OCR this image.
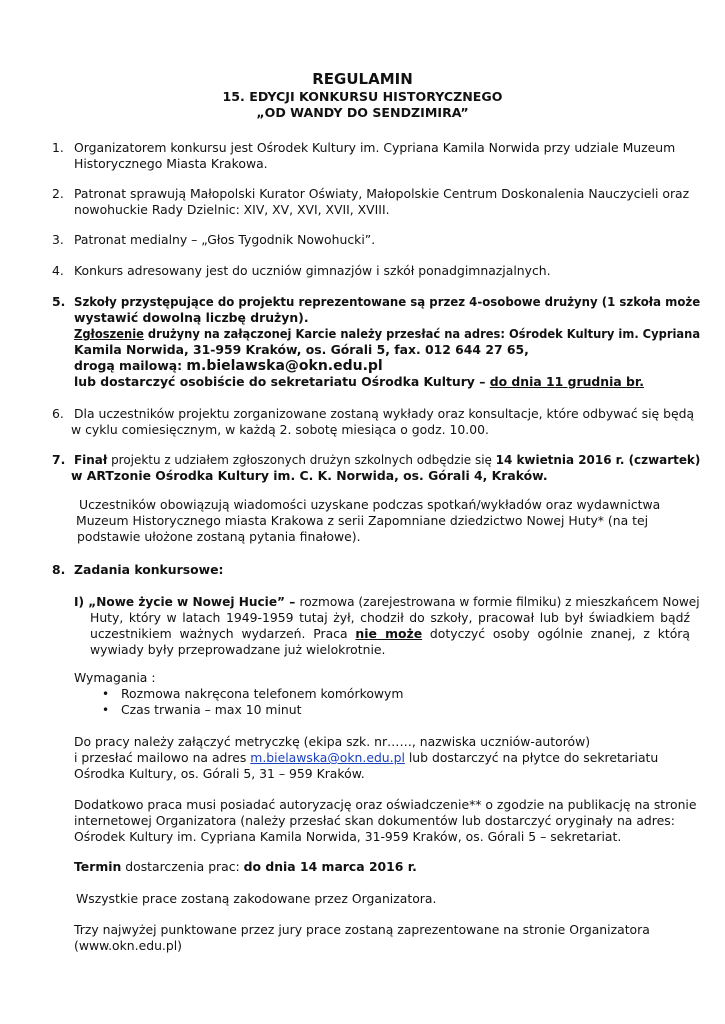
REGULAMIN
15. EDYCJI KONKURSU HISTORYCZNEGO
„OD WANDY DO SENDZIMIRA”
1. Organizatorem konkursu jest Ośrodek Kultury im. Cypriana Kamila Norwida przy udziale Muzeum
Historycznego Miasta Krakowa.
2. Patronat sprawują Małopolski Kurator Oświaty, Małopolskie Centrum Doskonalenia Nauczycieli oraz
nowohuckie Rady Dzielnic: XIV, XV, XVI, XVII, XVIII.
3. Patronat medialny – „Głos Tygodnik Nowohucki”.
4. Konkurs adresowany jest do uczniów gimnazjów i szkół ponadgimnazjalnych.
5. Szkoły przystępujące do projektu reprezentowane są przez 4-osobowe drużyny (1 szkoła może
wystawić dowolną liczbę drużyn).
Zgłoszenie drużyny na załączonej Karcie należy przesłać na adres: Ośrodek Kultury im. Cypriana
Kamila Norwida, 31-959 Kraków, os. Górali 5, fax. 012 644 27 65,
drogą mailową: m.bielawska@okn.edu.pl
lub dostarczyć osobiście do sekretariatu Ośrodka Kultury – do dnia 11 grudnia br.
6. Dla uczestników projektu zorganizowane zostaną wykłady oraz konsultacje, które odbywać się będą
w cyklu comiesięcznym, w każdą 2. sobotę miesiąca o godz. 10.00.
7. Finał projektu z udziałem zgłoszonych drużyn szkolnych odbędzie się 14 kwietnia 2016 r. (czwartek)
w ARTzonie Ośrodka Kultury im. C. K. Norwida, os. Górali 4, Kraków.
Uczestników obowiązują wiadomości uzyskane podczas spotkań/wykładów oraz wydawnictwa
Muzeum Historycznego miasta Krakowa z serii Zapomniane dziedzictwo Nowej Huty* (na tej
podstawie ułożone zostaną pytania finałowe).
8. Zadania konkursowe:
I) „Nowe życie w Nowej Hucie” – rozmowa (zarejestrowana w formie filmiku) z mieszkańcem Nowej
Huty, który w latach 1949-1959 tutaj żył, chodził do szkoły, pracował lub był świadkiem bądź
uczestnikiem ważnych wydarzeń. Praca nie może dotyczyć osoby ogólnie znanej, z którą
wywiady były przeprowadzane już wielokrotnie.
Wymagania :
• Rozmowa nakręcona telefonem komórkowym
• Czas trwania – max 10 minut
Do pracy należy załączyć metryczkę (ekipa szk. nr……, nazwiska uczniów-autorów)
i przesłać mailowo na adres m.bielawska@okn.edu.pl lub dostarczyć na płytce do sekretariatu
Ośrodka Kultury, os. Górali 5, 31 – 959 Kraków.
Dodatkowo praca musi posiadać autoryzację oraz oświadczenie** o zgodzie na publikację na stronie
internetowej Organizatora (należy przesłać skan dokumentów lub dostarczyć oryginały na adres:
Ośrodek Kultury im. Cypriana Kamila Norwida, 31-959 Kraków, os. Górali 5 – sekretariat.
Termin dostarczenia prac: do dnia 14 marca 2016 r.
Wszystkie prace zostaną zakodowane przez Organizatora.
Trzy najwyżej punktowane przez jury prace zostaną zaprezentowane na stronie Organizatora
(www.okn.edu.pl)
